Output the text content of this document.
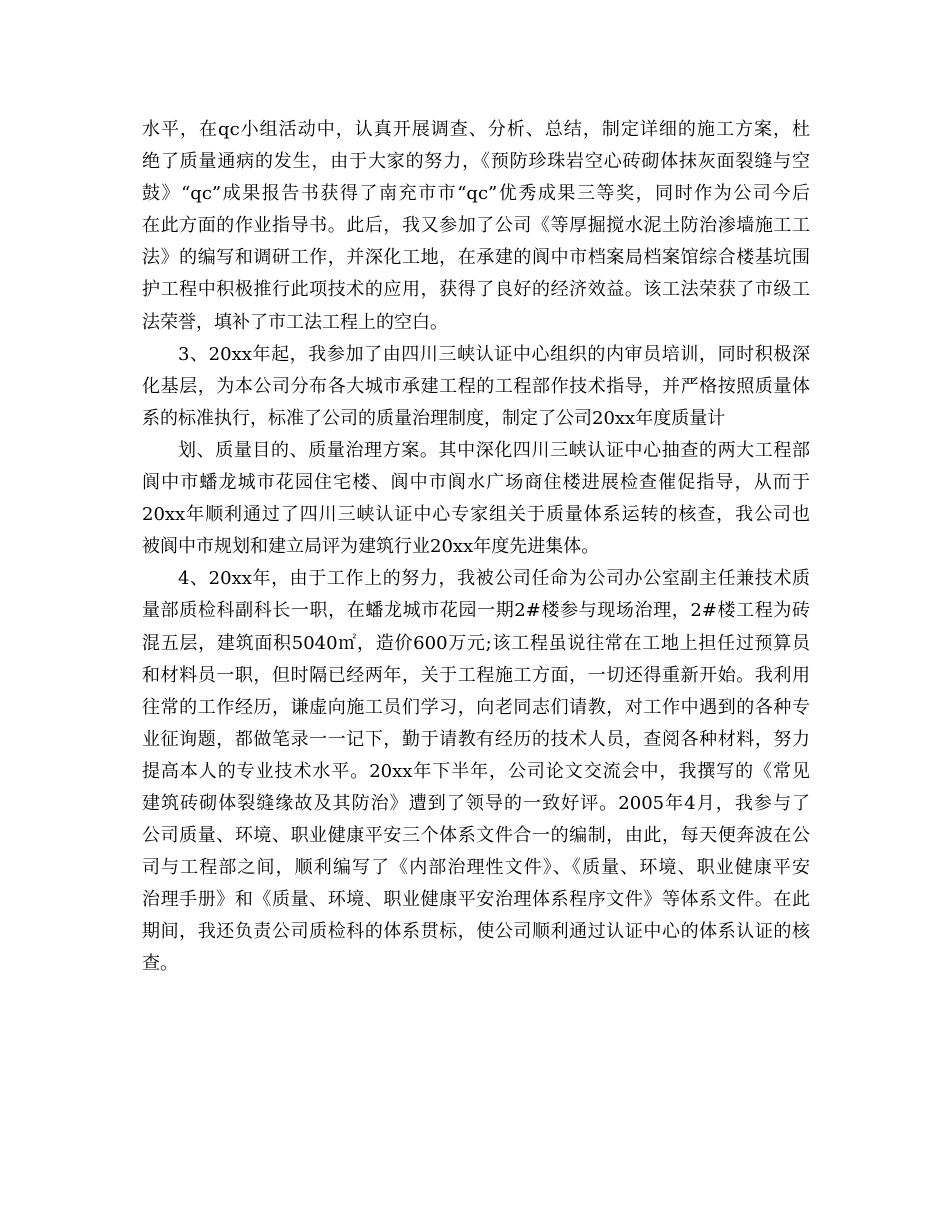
水平，在qc小组活动中，认真开展调查、分析、总结，制定详细的施工方案，杜
绝了质量通病的发生，由于大家的努力，《预防珍珠岩空心砖砌体抹灰面裂缝与空
鼓》“qc”成果报告书获得了南充市市“qc”优秀成果三等奖，同时作为公司今后
在此方面的作业指导书。此后，我又参加了公司《等厚掘搅水泥土防治渗墙施工工
法》的编写和调研工作，并深化工地，在承建的阆中市档案局档案馆综合楼基坑围
护工程中积极推行此项技术的应用，获得了良好的经济效益。该工法荣获了市级工
法荣誉，填补了市工法工程上的空白。
3、20xx年起，我参加了由四川三峡认证中心组织的内审员培训，同时积极深
化基层，为本公司分布各大城市承建工程的工程部作技术指导，并严格按照质量体
系的标准执行，标准了公司的质量治理制度，制定了公司20xx年度质量计
划、质量目的、质量治理方案。其中深化四川三峡认证中心抽查的两大工程部
阆中市蟠龙城市花园住宅楼、阆中市阆水广场商住楼进展检查催促指导，从而于
20xx年顺利通过了四川三峡认证中心专家组关于质量体系运转的核查，我公司也
被阆中市规划和建立局评为建筑行业20xx年度先进集体。
4、20xx年，由于工作上的努力，我被公司任命为公司办公室副主任兼技术质
量部质检科副科长一职，在蟠龙城市花园一期2#楼参与现场治理，2#楼工程为砖
混五层，建筑面积5040㎡，造价600万元;该工程虽说往常在工地上担任过预算员
和材料员一职，但时隔已经两年，关于工程施工方面，一切还得重新开始。我利用
往常的工作经历，谦虚向施工员们学习，向老同志们请教，对工作中遇到的各种专
业征询题，都做笔录一一记下，勤于请教有经历的技术人员，查阅各种材料，努力
提高本人的专业技术水平。20xx年下半年，公司论文交流会中，我撰写的《常见
建筑砖砌体裂缝缘故及其防治》遭到了领导的一致好评。2005年4月，我参与了
公司质量、环境、职业健康平安三个体系文件合一的编制，由此，每天便奔波在公
司与工程部之间，顺利编写了《内部治理性文件》、《质量、环境、职业健康平安
治理手册》和《质量、环境、职业健康平安治理体系程序文件》等体系文件。在此
期间，我还负责公司质检科的体系贯标，使公司顺利通过认证中心的体系认证的核
查。
